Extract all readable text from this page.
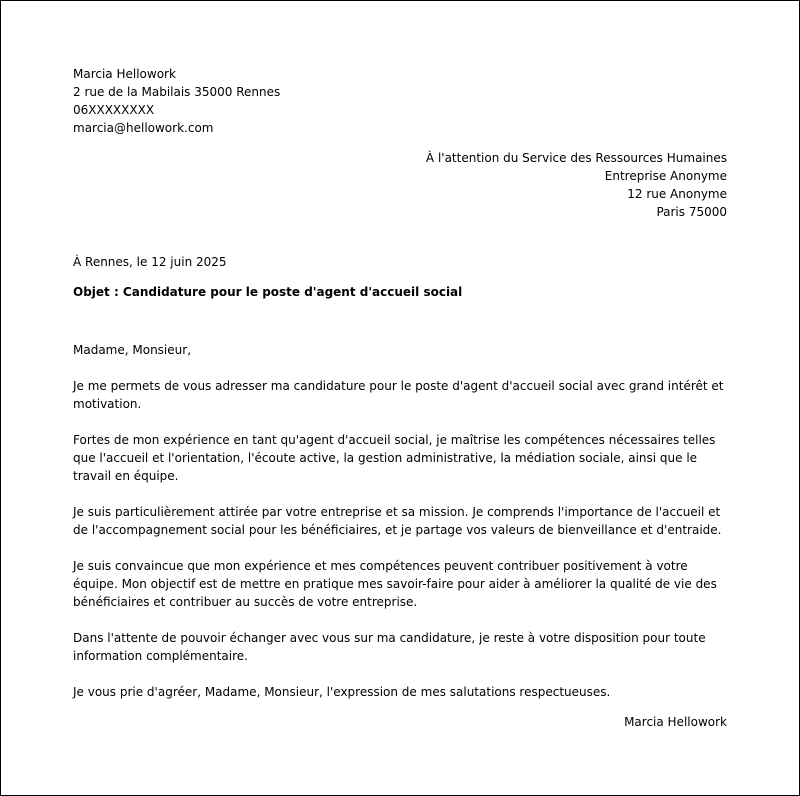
Marcia Hellowork
2 rue de la Mabilais 35000 Rennes
06XXXXXXXX
marcia@hellowork.com
À l'attention du Service des Ressources Humaines
Entreprise Anonyme
12 rue Anonyme
Paris 75000
À Rennes, le 12 juin 2025
Objet : Candidature pour le poste d'agent d'accueil social

Madame, Monsieur,

Je me permets de vous adresser ma candidature pour le poste d'agent d'accueil social avec grand intérêt et motivation.

Fortes de mon expérience en tant qu'agent d'accueil social, je maîtrise les compétences nécessaires telles que l'accueil et l'orientation, l'écoute active, la gestion administrative, la médiation sociale, ainsi que le travail en équipe.

Je suis particulièrement attirée par votre entreprise et sa mission. Je comprends l'importance de l'accueil et de l'accompagnement social pour les bénéficiaires, et je partage vos valeurs de bienveillance et d'entraide.

Je suis convaincue que mon expérience et mes compétences peuvent contribuer positivement à votre équipe. Mon objectif est de mettre en pratique mes savoir-faire pour aider à améliorer la qualité de vie des bénéficiaires et contribuer au succès de votre entreprise.

Dans l'attente de pouvoir échanger avec vous sur ma candidature, je reste à votre disposition pour toute information complémentaire.

Je vous prie d'agréer, Madame, Monsieur, l'expression de mes salutations respectueuses.

Marcia Hellowork
